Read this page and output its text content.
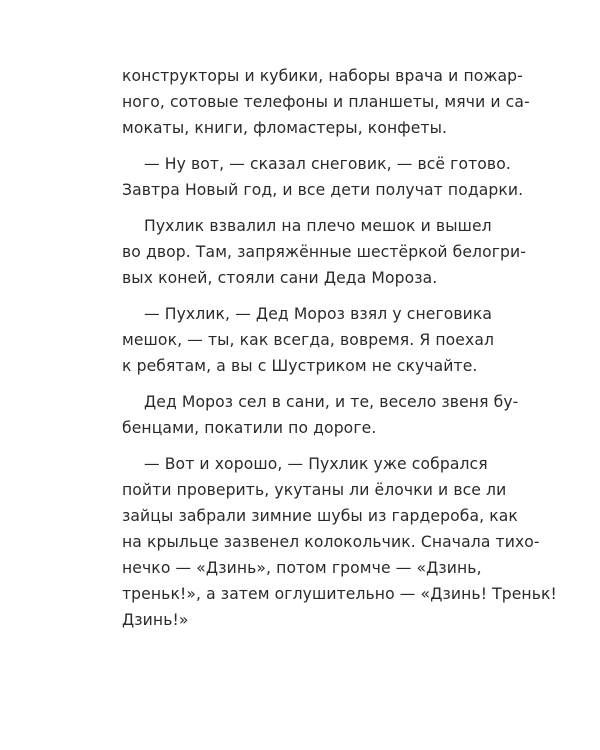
конструкторы и кубики, наборы врача и пожар-
ного, сотовые телефоны и планшеты, мячи и са-
мокаты, книги, фломастеры, конфеты.
— Ну вот, — сказал снеговик, — всё готово.
Завтра Новый год, и все дети получат подарки.
Пухлик взвалил на плечо мешок и вышел
во двор. Там, запряжённые шестёркой белогри-
вых коней, стояли сани Деда Мороза.
— Пухлик, — Дед Мороз взял у снеговика
мешок, — ты, как всегда, вовремя. Я поехал
к ребятам, а вы с Шустриком не скучайте.
Дед Мороз сел в сани, и те, весело звеня бу-
бенцами, покатили по дороге.
— Вот и хорошо, — Пухлик уже собрался
пойти проверить, укутаны ли ёлочки и все ли
зайцы забрали зимние шубы из гардероба, как
на крыльце зазвенел колокольчик. Сначала тихо-
нечко — «Дзинь», потом громче — «Дзинь,
треньк!», а затем оглушительно — «Дзинь! Треньк!
Дзинь!»
